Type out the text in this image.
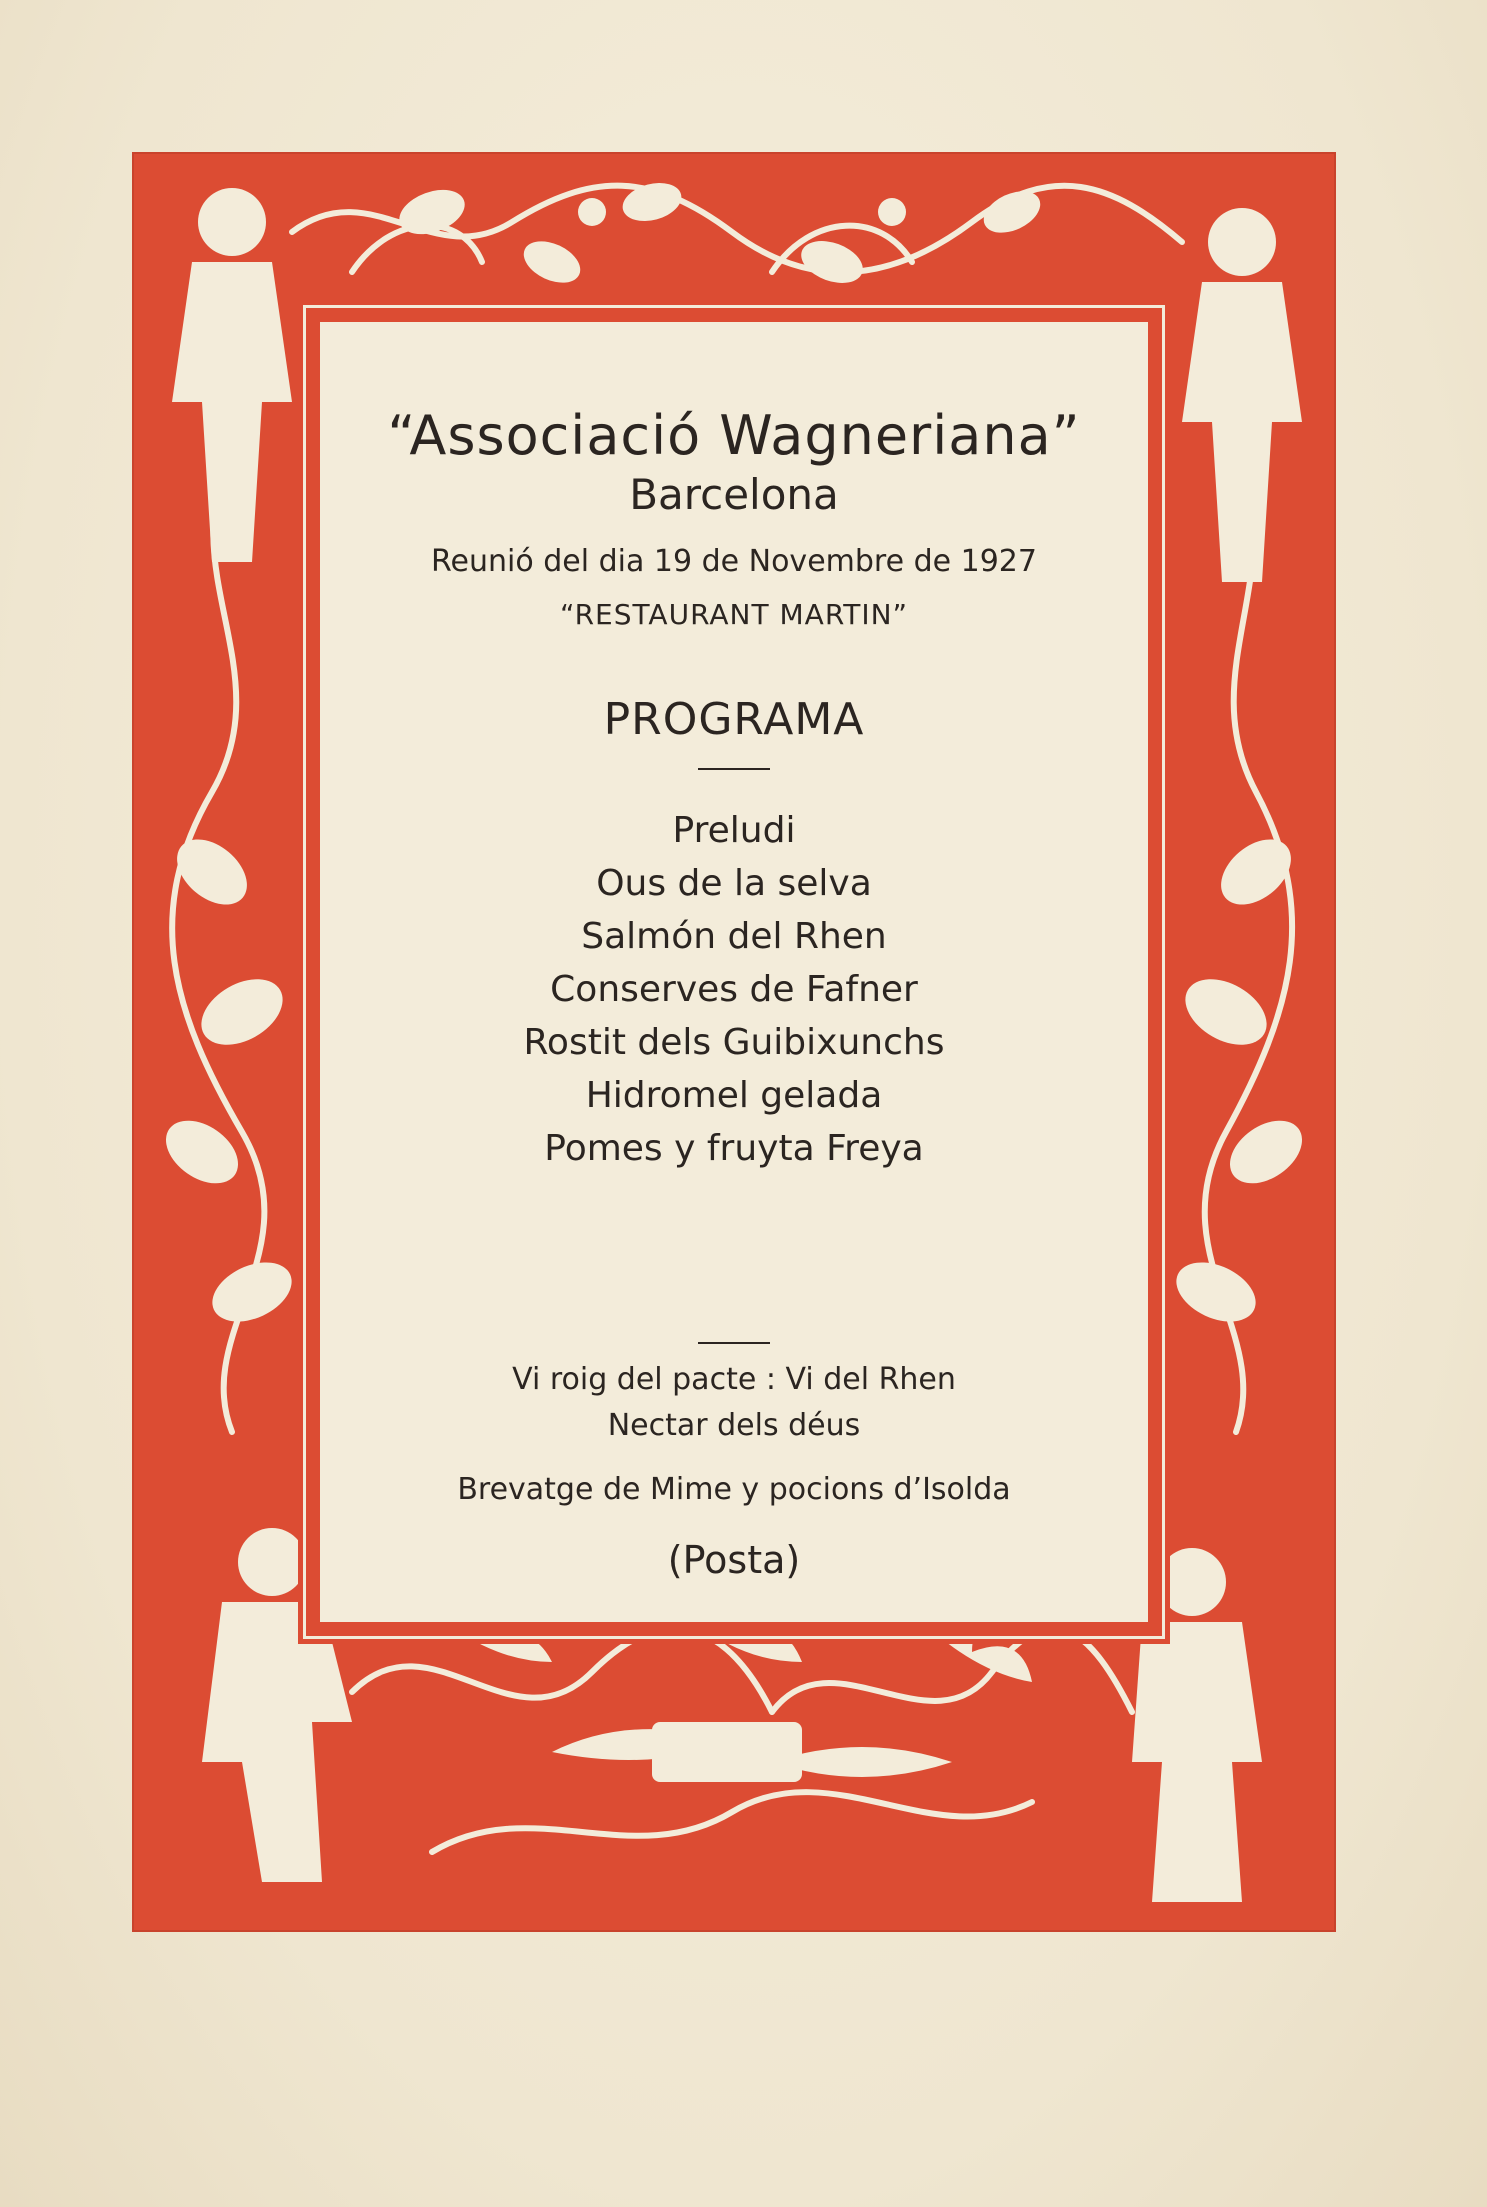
“Associació Wagneriana”
Barcelona
Reunió del dia 19 de Novembre de 1927
“RESTAURANT MARTIN”
PROGRAMA
Preludi
Ous de la selva
Salmón del Rhen
Conserves de Fafner
Rostit dels Guibixunchs
Hidromel gelada
Pomes y fruyta Freya
Vi roig del pacte : Vi del Rhen
Nectar dels déus
Brevatge de Mime y pocions d’Isolda
(Posta)
